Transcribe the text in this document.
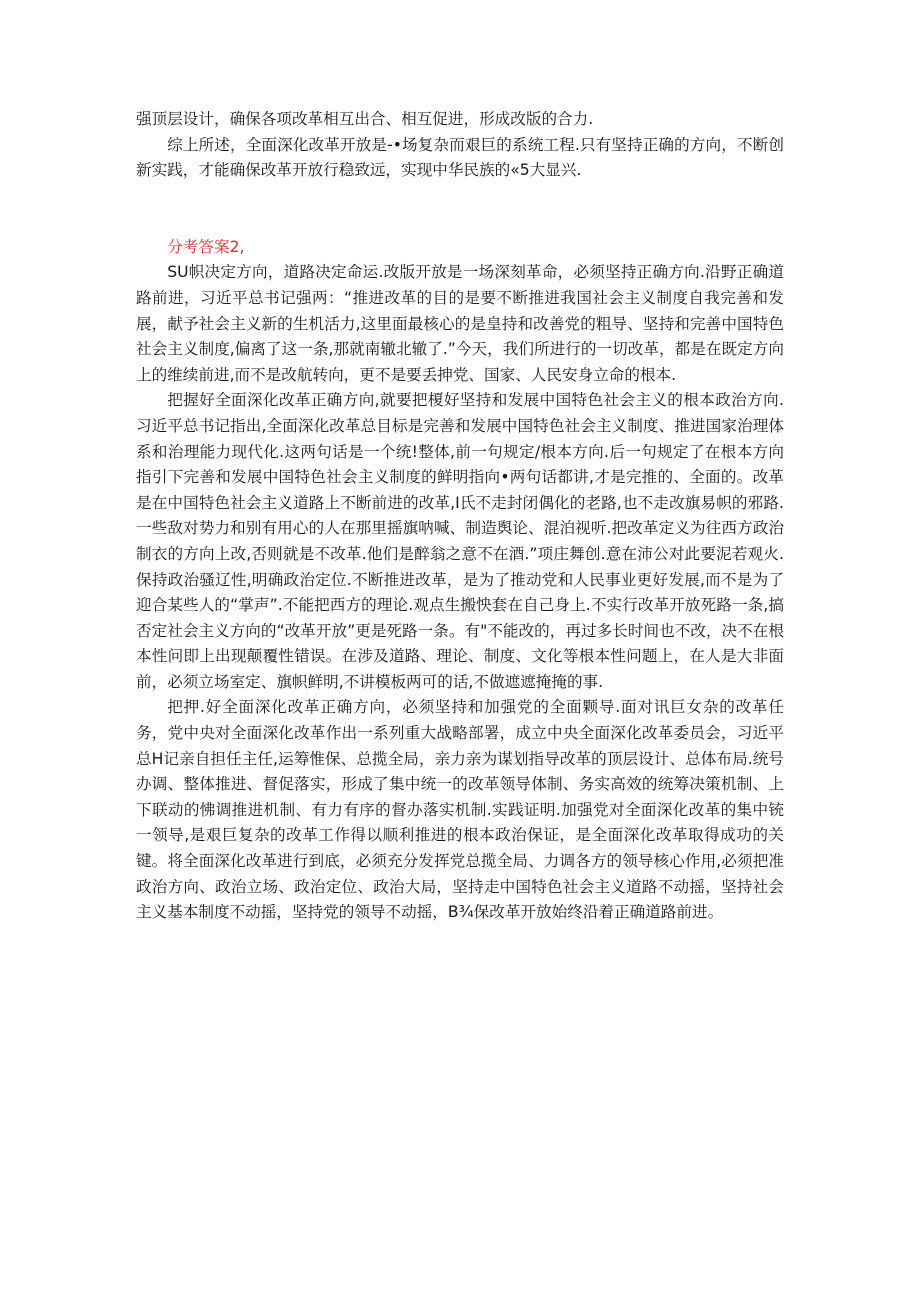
强顶层设计，确保各项改革相互出合、相互促进，形成改版的合力.

综上所述，全面深化改革开放是-•场复杂而艰巨的系统工程.只有坚持正确的方向，不断创新实践，才能确保改革开放行稳致远，实现中华民族的«5大显兴.

分考答案2,

SU帜决定方向，道路决定命运.改版开放是一场深刻革命，必须坚持正确方向.沿野正确道路前进，习近平总书记强两：“推进改革的目的是要不断推进我国社会主义制度自我完善和发展，献予社会主义新的生机活力,这里面最核心的是皇持和改善党的粗导、坚持和完善中国特色社会主义制度,偏离了这一条,那就南辙北辙了.”今天，我们所进行的一切改革，都是在既定方向上的维续前进,而不是改航转向，更不是要丢抻党、国家、人民安身立命的根本.

把握好全面深化改革正确方向,就要把榎好坚持和发展中国特色社会主义的根本政治方向.习近平总书记指出,全面深化改革总目标是完善和发展中国特色社会主义制度、推进国家治理体系和治理能力现代化.这两句话是一个统!整体,前一句规定/根本方向.后一句规定了在根本方向指引下完善和发展中国特色社会主义制度的鲜明指向•两句话都讲,才是完推的、全面的。改革是在中国特色社会主义道路上不断前进的改革,I氏不走封闭偶化的老路,也不走改旗易帜的邪路.一些敌对势力和别有用心的人在那里摇旗呐喊、制造舆论、混泊视听.把改革定义为往西方政治制衣的方向上改,否则就是不改革.他们是醉翁之意不在酒.”项庄舞创.意在沛公对此要泥若观火.保持政治骚辽性,明确政治定位.不断推进改革，是为了推动党和人民事业更好发展,而不是为了迎合某些人的“掌声”.不能把西方的理论.观点生搬怏套在自己身上.不实行改革开放死路一条,搞否定社会主义方向的“改革开放”更是死路一条。有"不能改的，再过多长时间也不改，决不在根本性问即上出现颠覆性错误。在涉及道路、理论、制度、文化等根本性问题上，在人是大非面前，必须立场室定、旗帜鲜明,不讲模板两可的话,不做遮遮掩掩的事.

把押.好全面深化改革正确方向，必须坚持和加强党的全面颗导.面对讯巨女杂的改革任务，党中央对全面深化改革作出一系列重大战略部署，成立中央全面深化改革委员会，习近平总H记亲自担任主任,运筹惟保、总揽全局，亲力亲为谋划指导改革的顶层设计、总体布局.统号办调、整体推进、督促落实，形成了集中统一的改革领导体制、务实高效的统筹决策机制、上下联动的怫调推进机制、有力有序的督办落实机制.实践证明.加强党对全面深化改革的集中铳一领导,是艰巨复杂的改革工作得以顺利推进的根本政治保证，是全面深化改革取得成功的关键。将全面深化改革进行到底，必须充分发挥党总揽全局、力调各方的领导核心作用,必须把准政治方向、政治立场、政治定位、政治大局，坚持走中国特色社会主义道路不动摇，坚持社会主义基本制度不动摇，坚持党的领导不动摇，B¾保改革开放始终沿着正确道路前进。
